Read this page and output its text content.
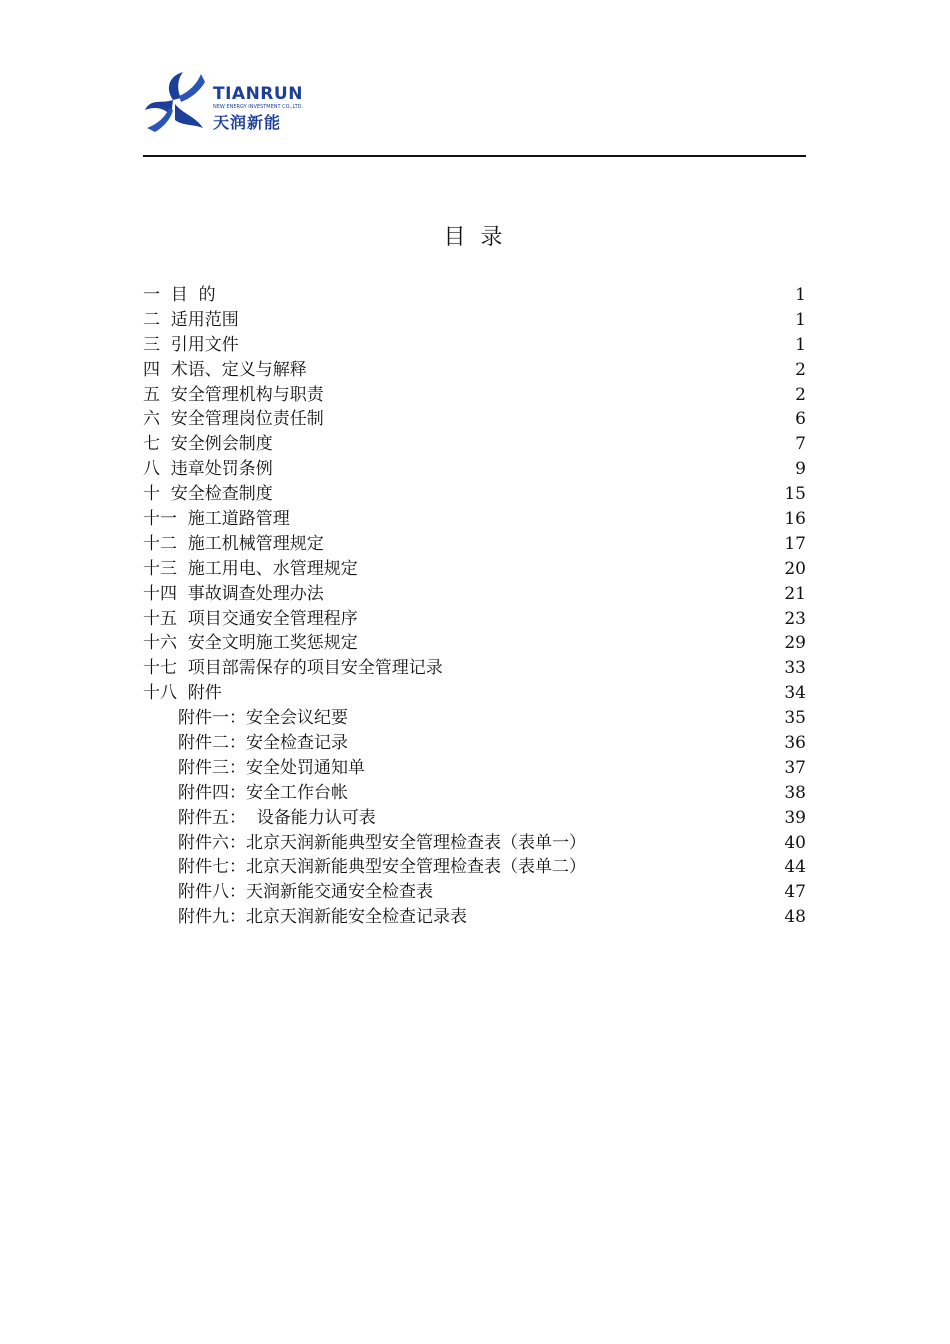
TIANRUN
NEW ENERGY INVESTMENT CO.,LTD.
天润新能
目 录
一  目  的	1
二  适用范围	1
三  引用文件	1
四  术语、定义与解释	2
五  安全管理机构与职责	2
六  安全管理岗位责任制	6
七  安全例会制度	7
八  违章处罚条例	9
十  安全检查制度	15
十一  施工道路管理	16
十二  施工机械管理规定	17
十三  施工用电、水管理规定	20
十四  事故调查处理办法	21
十五  项目交通安全管理程序	23
十六  安全文明施工奖惩规定	29
十七  项目部需保存的项目安全管理记录	33
十八  附件	34
附件一：安全会议纪要	35
附件二：安全检查记录	36
附件三：安全处罚通知单	37
附件四：安全工作台帐	38
附件五：  设备能力认可表	39
附件六：北京天润新能典型安全管理检查表（表单一）	40
附件七：北京天润新能典型安全管理检查表（表单二）	44
附件八：天润新能交通安全检查表	47
附件九：北京天润新能安全检查记录表	48
